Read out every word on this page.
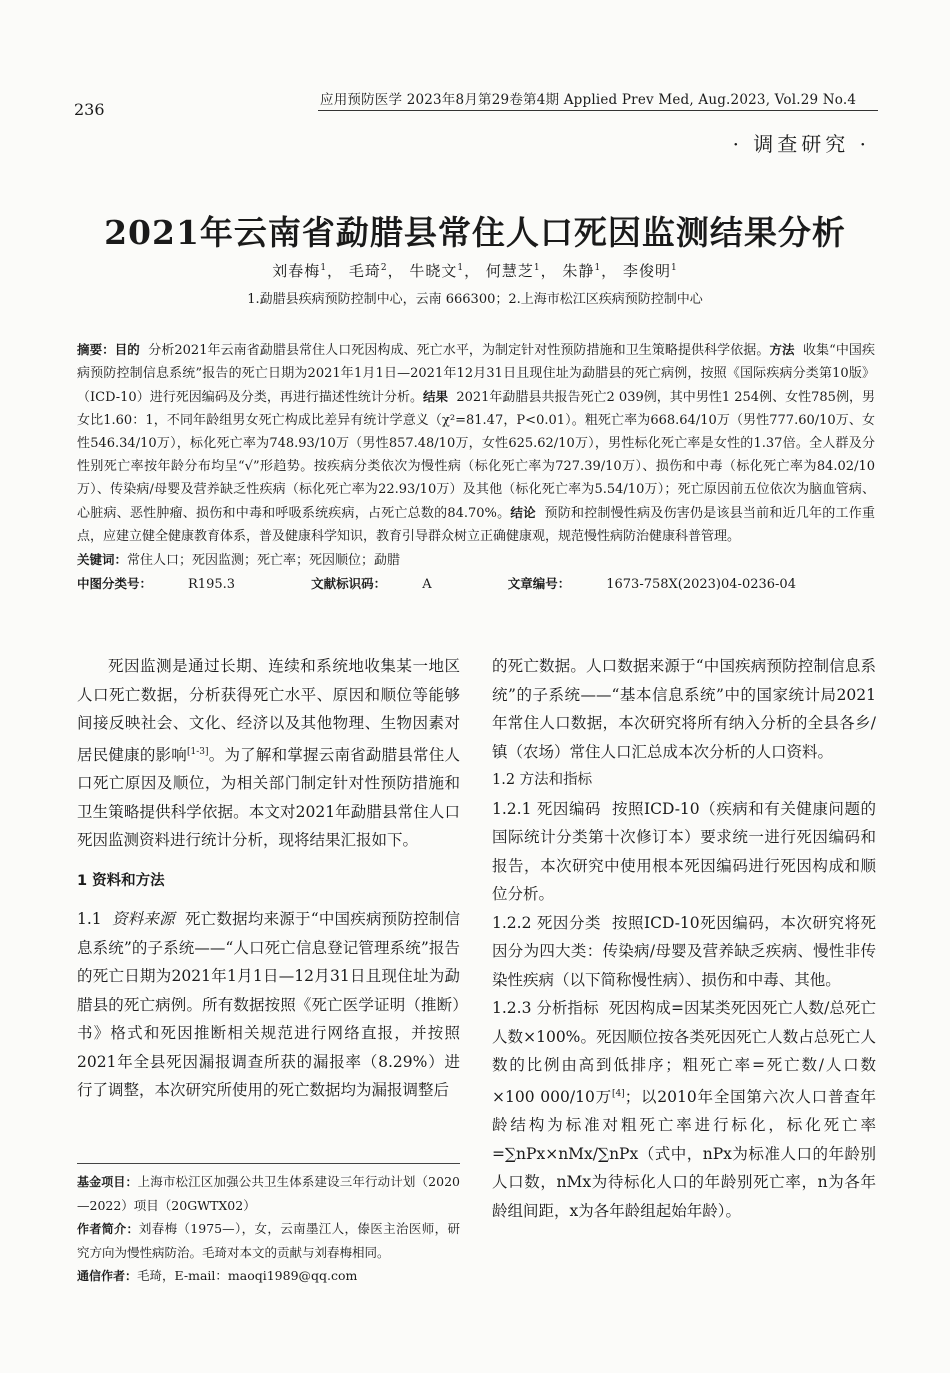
236	应用预防医学 2023年8月第29卷第4期 Applied Prev Med, Aug.2023, Vol.29 No.4
· 调查研究 ·
2021年云南省勐腊县常住人口死因监测结果分析
刘春梅$^1$， 毛琦$^2$， 牛晓文$^1$， 何慧芝$^1$， 朱静$^1$， 李俊明$^1$
1.勐腊县疾病预防控制中心，云南 666300；2.上海市松江区疾病预防控制中心

摘要：目的 分析2021年云南省勐腊县常住人口死因构成、死亡水平，为制定针对性预防措施和卫生策略提供科学依据。方法 收集“中国疾病预防控制信息系统”报告的死亡日期为2021年1月1日—2021年12月31日且现住址为勐腊县的死亡病例，按照《国际疾病分类第10版》（ICD-10）进行死因编码及分类，再进行描述性统计分析。结果 2021年勐腊县共报告死亡2 039例，其中男性1 254例、女性785例，男女比1.60：1，不同年龄组男女死亡构成比差异有统计学意义（χ²=81.47，P<0.01）。粗死亡率为668.64/10万（男性777.60/10万、女性546.34/10万），标化死亡率为748.93/10万（男性857.48/10万，女性625.62/10万），男性标化死亡率是女性的1.37倍。全人群及分性别死亡率按年龄分布均呈“√”形趋势。按疾病分类依次为慢性病（标化死亡率为727.39/10万）、损伤和中毒（标化死亡率为84.02/10万）、传染病/母婴及营养缺乏性疾病（标化死亡率为22.93/10万）及其他（标化死亡率为5.54/10万）；死亡原因前五位依次为脑血管病、心脏病、恶性肿瘤、损伤和中毒和呼吸系统疾病，占死亡总数的84.70%。结论 预防和控制慢性病及伤害仍是该县当前和近几年的工作重点，应建立健全健康教育体系，普及健康科学知识，教育引导群众树立正确健康观，规范慢性病防治健康科普管理。

关键词：常住人口；死因监测；死亡率；死因顺位；勐腊

中图分类号：	R195.3	文献标识码：	A	文章编号：	1673-758X(2023)04-0236-04

死因监测是通过长期、连续和系统地收集某一地区人口死亡数据，分析获得死亡水平、原因和顺位等能够间接反映社会、文化、经济以及其他物理、生物因素对居民健康的影响[1-3]。为了解和掌握云南省勐腊县常住人口死亡原因及顺位，为相关部门制定针对性预防措施和卫生策略提供科学依据。本文对2021年勐腊县常住人口死因监测资料进行统计分析，现将结果汇报如下。

1 资料和方法

1.1 资料来源 死亡数据均来源于“中国疾病预防控制信息系统”的子系统——“人口死亡信息登记管理系统”报告的死亡日期为2021年1月1日—12月31日且现住址为勐腊县的死亡病例。所有数据按照《死亡医学证明（推断）书》格式和死因推断相关规范进行网络直报，并按照2021年全县死因漏报调查所获的漏报率（8.29%）进行了调整，本次研究所使用的死亡数据均为漏报调整后

基金项目：上海市松江区加强公共卫生体系建设三年行动计划（2020—2022）项目（20GWTX02）

作者简介：刘春梅（1975—），女，云南墨江人，傣医主治医师，研究方向为慢性病防治。毛琦对本文的贡献与刘春梅相同。

通信作者：毛琦，E-mail：maoqi1989@qq.com

的死亡数据。人口数据来源于“中国疾病预防控制信息系统”的子系统——“基本信息系统”中的国家统计局2021年常住人口数据，本次研究将所有纳入分析的全县各乡/镇（农场）常住人口汇总成本次分析的人口资料。

1.2 方法和指标

1.2.1 死因编码 按照ICD-10（疾病和有关健康问题的国际统计分类第十次修订本）要求统一进行死因编码和报告，本次研究中使用根本死因编码进行死因构成和顺位分析。

1.2.2 死因分类 按照ICD-10死因编码，本次研究将死因分为四大类：传染病/母婴及营养缺乏疾病、慢性非传染性疾病（以下简称慢性病）、损伤和中毒、其他。

1.2.3 分析指标 死因构成=因某类死因死亡人数/总死亡人数×100%。死因顺位按各类死因死亡人数占总死亡人数的比例由高到低排序；粗死亡率=死亡数/人口数×100 000/10万[4]；以2010年全国第六次人口普查年龄结构为标准对粗死亡率进行标化，标化死亡率=∑nPx×nMx/∑nPx（式中，nPx为标准人口的年龄别人口数，nMx为待标化人口的年龄别死亡率，n为各年龄组间距，x为各年龄组起始年龄）。
